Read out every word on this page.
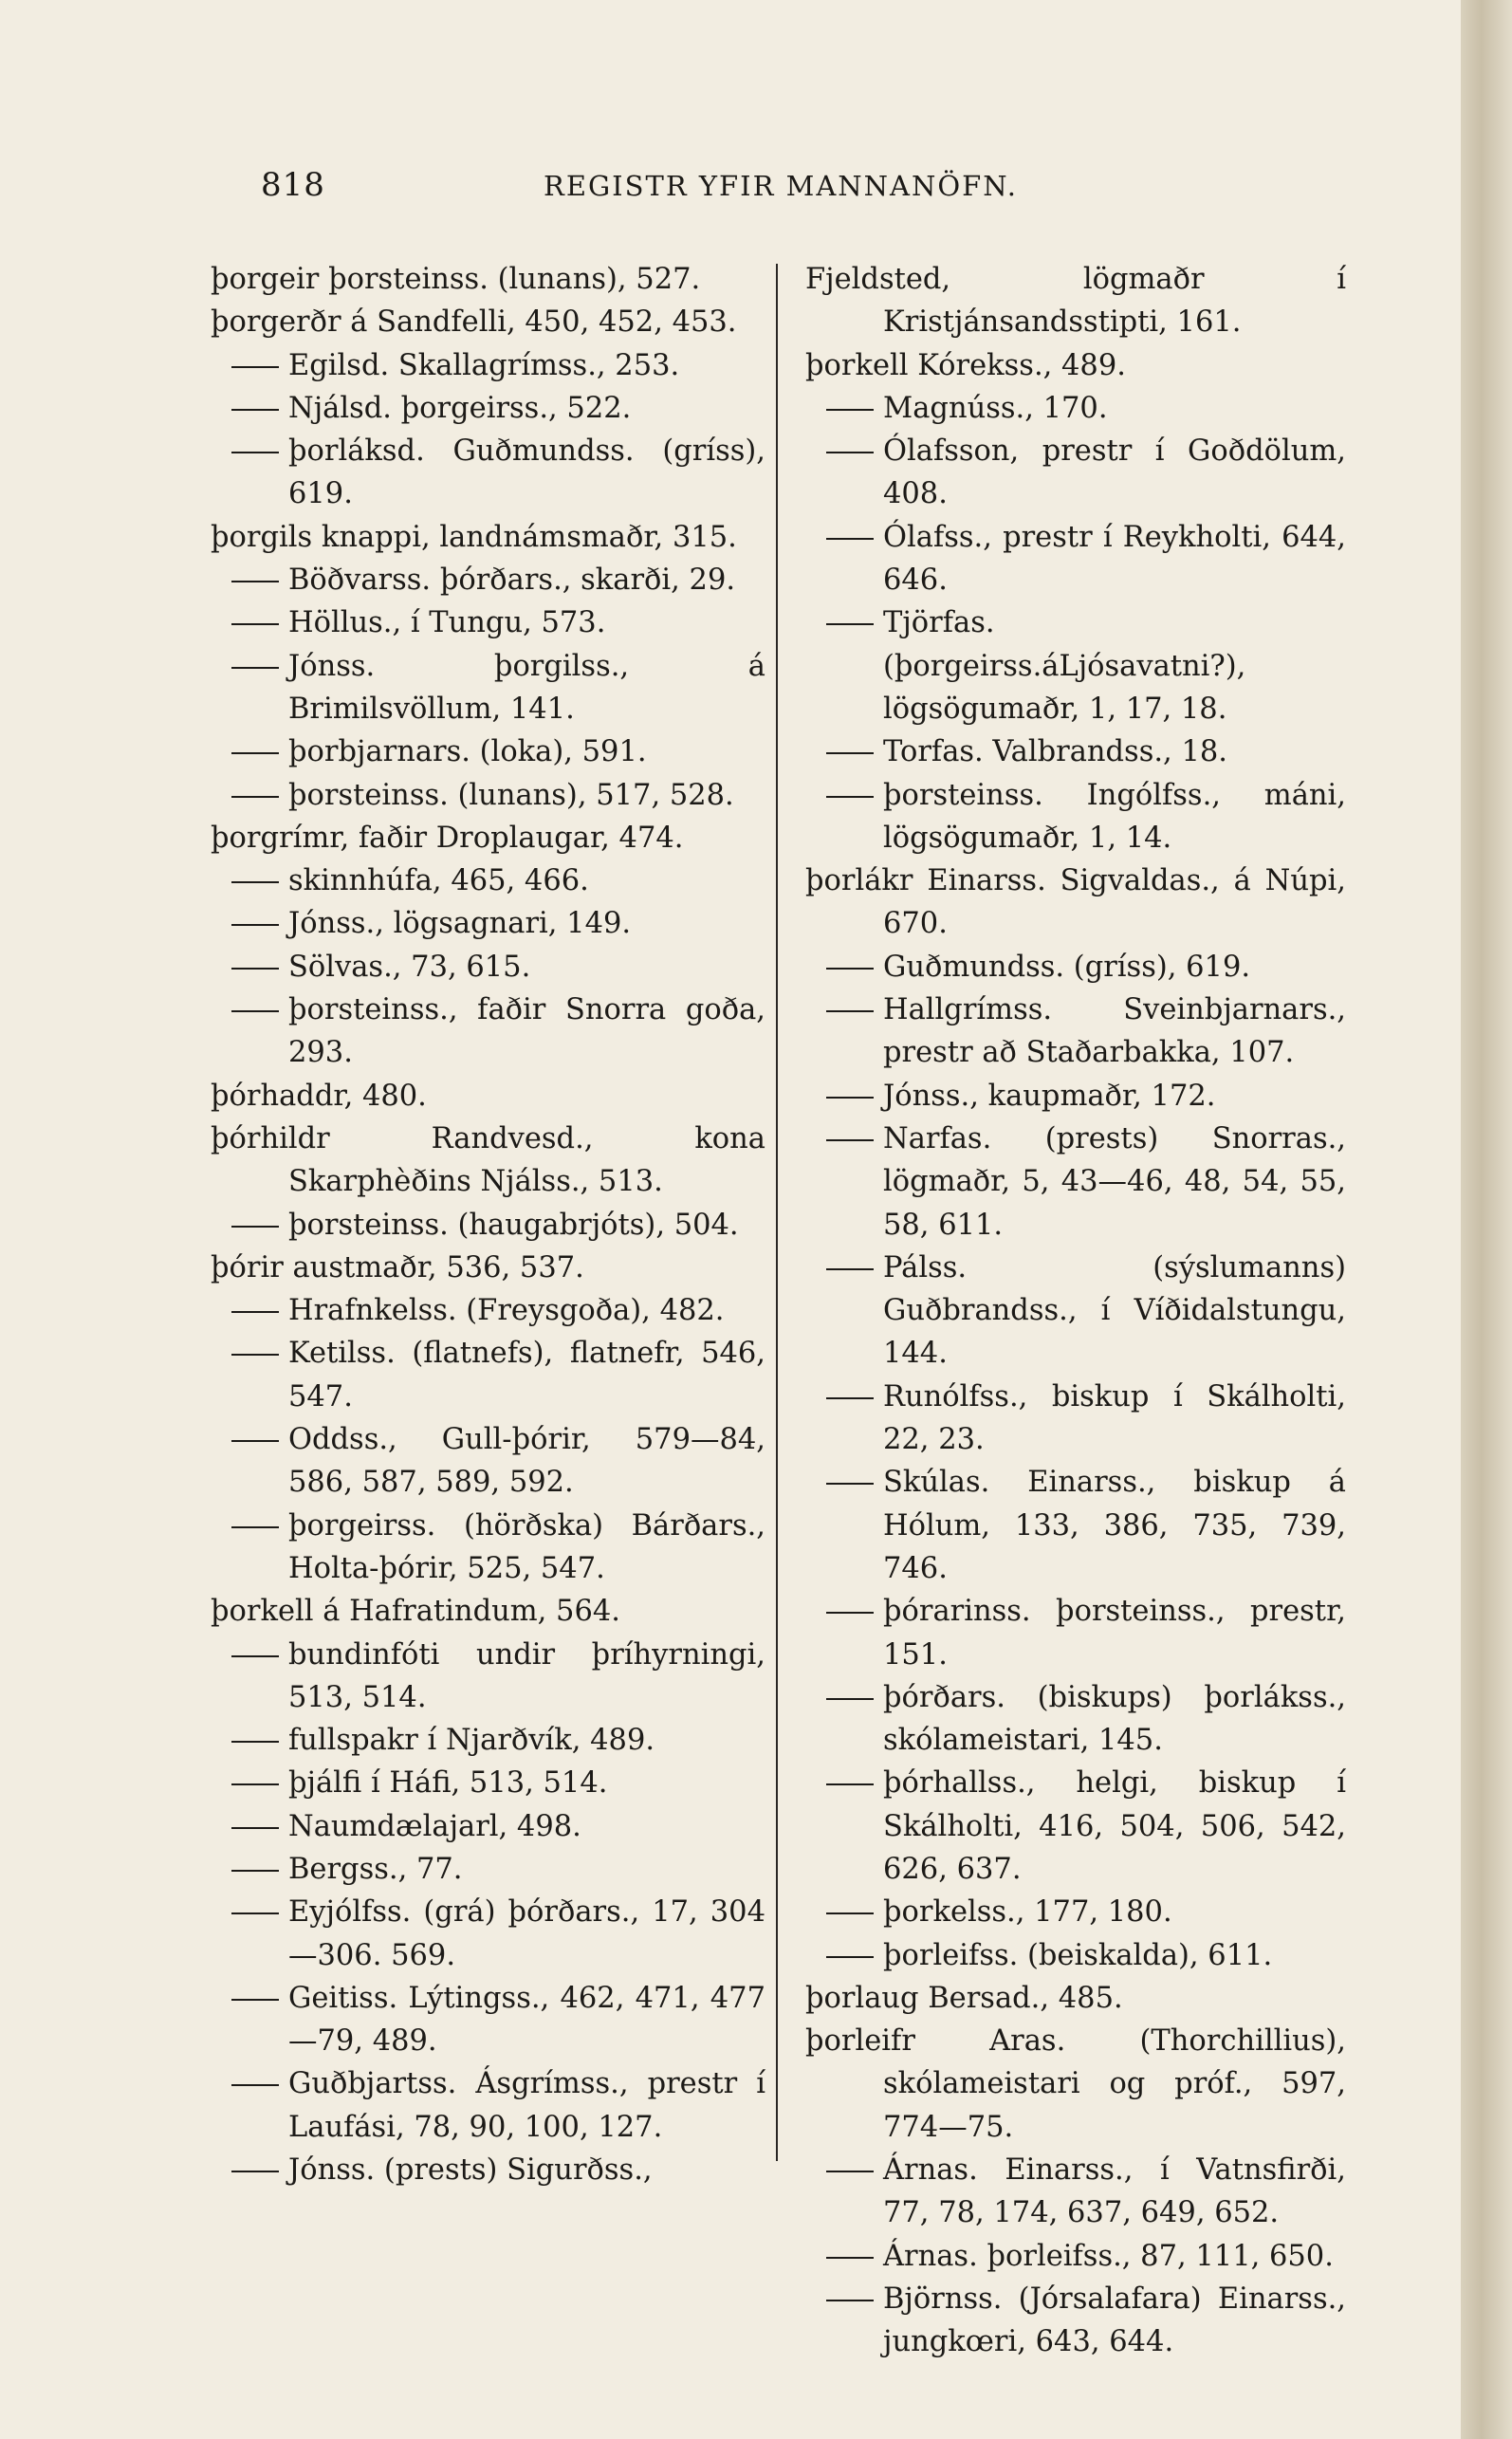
818	REGISTR YFIR MANNANÖFN.
þorgeir þorsteinss. (lunans), 527.
þorgerðr á Sandfelli, 450, 452, 453.
Egilsd. Skallagrímss., 253.
Njálsd. þorgeirss., 522.
þorláksd. Guðmundss. (gríss), 619.
þorgils knappi, landnámsmaðr, 315.
Böðvarss. þórðars., skarði, 29.
Höllus., í Tungu, 573.
Jónss. þorgilss., á Brimilsvöllum, 141.
þorbjarnars. (loka), 591.
þorsteinss. (lunans), 517, 528.
þorgrímr, faðir Droplaugar, 474.
skinnhúfa, 465, 466.
Jónss., lögsagnari, 149.
Sölvas., 73, 615.
þorsteinss., faðir Snorra goða, 293.
þórhaddr, 480.
þórhildr Randvesd., kona Skarphèðins Njálss., 513.
þorsteinss. (haugabrjóts), 504.
þórir austmaðr, 536, 537.
Hrafnkelss. (Freysgoða), 482.
Ketilss. (flatnefs), flatnefr, 546, 547.
Oddss., Gull-þórir, 579—84, 586, 587, 589, 592.
þorgeirss. (hörðska) Bárðars., Holta-þórir, 525, 547.
þorkell á Hafratindum, 564.
bundinfóti undir þríhyrningi, 513, 514.
fullspakr í Njarðvík, 489.
þjálfi í Háfi, 513, 514.
Naumdælajarl, 498.
Bergss., 77.
Eyjólfss. (grá) þórðars., 17, 304 —306. 569.
Geitiss. Lýtingss., 462, 471, 477—79, 489.
Guðbjartss. Ásgrímss., prestr í Laufási, 78, 90, 100, 127.
Jónss. (prests) Sigurðss.,
Fjeldsted, lögmaðr í Kristjánsandsstipti, 161.
þorkell Kórekss., 489.
Magnúss., 170.
Ólafsson, prestr í Goðdölum, 408.
Ólafss., prestr í Reykholti, 644, 646.
Tjörfas.(þorgeirss.áLjósavatni?), lögsögumaðr, 1, 17, 18.
Torfas. Valbrandss., 18.
þorsteinss. Ingólfss., máni, lögsögumaðr, 1, 14.
þorlákr Einarss. Sigvaldas., á Núpi, 670.
Guðmundss. (gríss), 619.
Hallgrímss. Sveinbjarnars., prestr að Staðarbakka, 107.
Jónss., kaupmaðr, 172.
Narfas. (prests) Snorras., lögmaðr, 5, 43—46, 48, 54, 55, 58, 611.
Pálss. (sýslumanns) Guðbrandss., í Víðidalstungu, 144.
Runólfss., biskup í Skálholti, 22, 23.
Skúlas. Einarss., biskup á Hólum, 133, 386, 735, 739, 746.
þórarinss. þorsteinss., prestr, 151.
þórðars. (biskups) þorlákss., skólameistari, 145.
þórhallss., helgi, biskup í Skálholti, 416, 504, 506, 542, 626, 637.
þorkelss., 177, 180.
þorleifss. (beiskalda), 611.
þorlaug Bersad., 485.
þorleifr Aras. (Thorchillius), skólameistari og próf., 597, 774—75.
Árnas. Einarss., í Vatnsfirði, 77, 78, 174, 637, 649, 652.
Árnas. þorleifss., 87, 111, 650.
Björnss. (Jórsalafara) Einarss., jungkœri, 643, 644.
